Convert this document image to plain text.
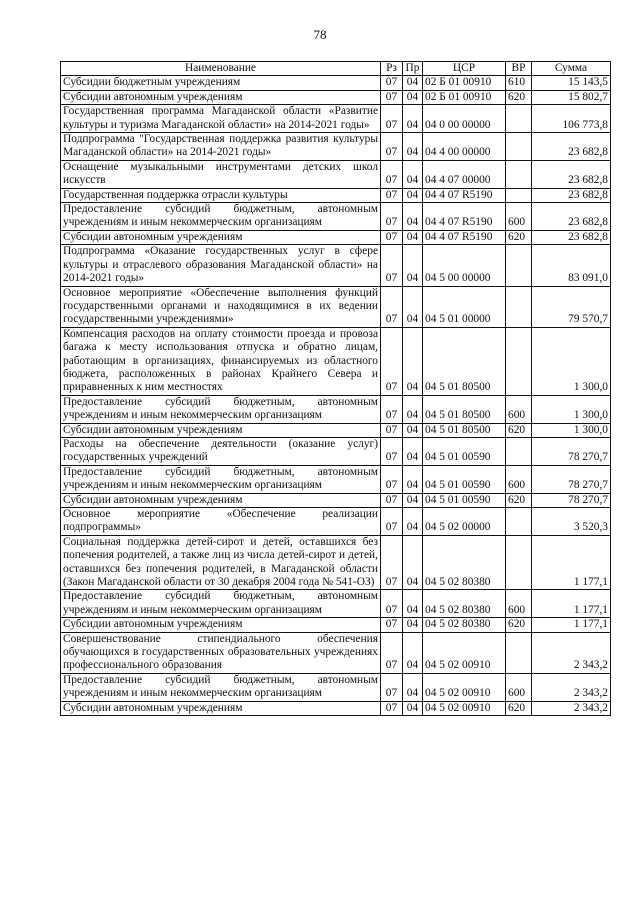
78
Наименование	Рз	Пр	ЦСР	ВР	Сумма
Субсидии бюджетным учреждениям	07	04	02 Б 01 00910	610	15 143,5
Субсидии автономным учреждениям	07	04	02 Б 01 00910	620	15 802,7
Государственная программа Магаданской области «Развитие культуры и туризма Магаданской области» на 2014-2021 годы»	07	04	04 0 00 00000		106 773,8
Подпрограмма "Государственная поддержка развития культуры Магаданской области» на 2014-2021 годы»	07	04	04 4 00 00000		23 682,8
Оснащение музыкальными инструментами детских школ искусств	07	04	04 4 07 00000		23 682,8
Государственная поддержка отрасли культуры	07	04	04 4 07 R5190		23 682,8
Предоставление субсидий бюджетным, автономным учреждениям и иным некоммерческим организациям	07	04	04 4 07 R5190	600	23 682,8
Субсидии автономным учреждениям	07	04	04 4 07 R5190	620	23 682,8
Подпрограмма «Оказание государственных услуг в сфере культуры и отраслевого образования Магаданской области» на 2014-2021 годы»	07	04	04 5 00 00000		83 091,0
Основное мероприятие «Обеспечение выполнения функций государственными органами и находящимися в их ведении государственными учреждениями»	07	04	04 5 01 00000		79 570,7
Компенсация расходов на оплату стоимости проезда и провоза багажа к месту использования отпуска и обратно лицам, работающим в организациях, финансируемых из областного бюджета, расположенных в районах Крайнего Севера и приравненных к ним местностях	07	04	04 5 01 80500		1 300,0
Предоставление субсидий бюджетным, автономным учреждениям и иным некоммерческим организациям	07	04	04 5 01 80500	600	1 300,0
Субсидии автономным учреждениям	07	04	04 5 01 80500	620	1 300,0
Расходы на обеспечение деятельности (оказание услуг) государственных учреждений	07	04	04 5 01 00590		78 270,7
Предоставление субсидий бюджетным, автономным учреждениям и иным некоммерческим организациям	07	04	04 5 01 00590	600	78 270,7
Субсидии автономным учреждениям	07	04	04 5 01 00590	620	78 270,7
Основное мероприятие «Обеспечение реализации подпрограммы»	07	04	04 5 02 00000		3 520,3
Социальная поддержка детей-сирот и детей, оставшихся без попечения родителей, а также лиц из числа детей-сирот и детей, оставшихся без попечения родителей, в Магаданской области (Закон Магаданской области от 30 декабря 2004 года № 541-ОЗ)	07	04	04 5 02 80380		1 177,1
Предоставление субсидий бюджетным, автономным учреждениям и иным некоммерческим организациям	07	04	04 5 02 80380	600	1 177,1
Субсидии автономным учреждениям	07	04	04 5 02 80380	620	1 177,1
Совершенствование стипендиального обеспечения обучающихся в государственных образовательных учреждениях профессионального образования	07	04	04 5 02 00910		2 343,2
Предоставление субсидий бюджетным, автономным учреждениям и иным некоммерческим организациям	07	04	04 5 02 00910	600	2 343,2
Субсидии автономным учреждениям	07	04	04 5 02 00910	620	2 343,2
